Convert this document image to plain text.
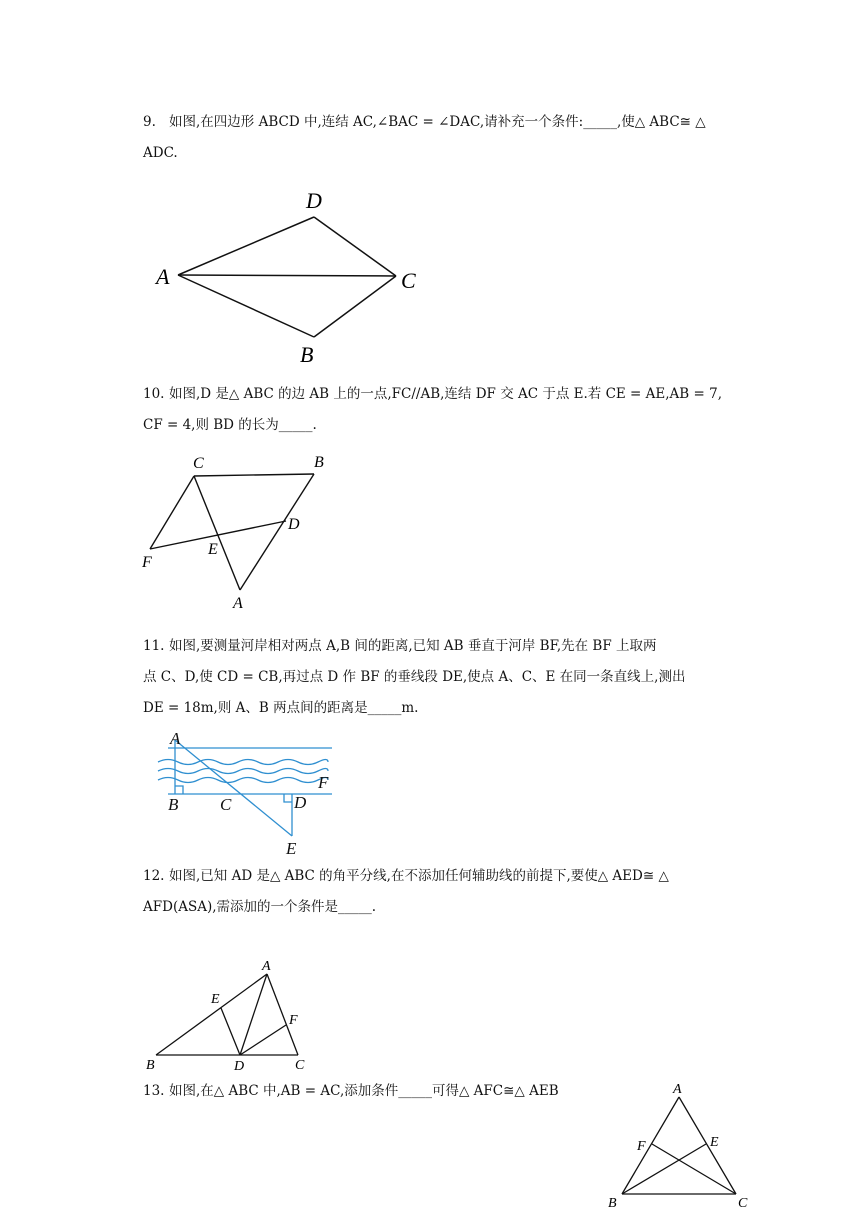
9. 如图,在四边形 ABCD 中,连结 AC,∠BAC = ∠DAC,请补充一个条件:_____,使△ ABC≅ △
ADC.
D
A	C
B
10. 如图,D 是△ ABC 的边 AB 上的一点,FC//AB,连结 DF 交 AC 于点 E.若 CE = AE,AB = 7,
CF = 4,则 BD 的长为_____.
C	B
D
E
F
A
11. 如图,要测量河岸相对两点 A,B 间的距离,已知 AB 垂直于河岸 BF,先在 BF 上取两
点 C、D,使 CD = CB,再过点 D 作 BF 的垂线段 DE,使点 A、C、E 在同一条直线上,测出
DE = 18m,则 A、B 两点间的距离是_____m.
A
F
B C	D
E
12. 如图,已知 AD 是△ ABC 的角平分线,在不添加任何辅助线的前提下,要使△ AED≅ △
AFD(ASA),需添加的一个条件是_____.
A
E
F
B	D	C
13. 如图,在△ ABC 中,AB = AC,添加条件_____可得△ AFC≅△ AEB	A
F	E
B	C
